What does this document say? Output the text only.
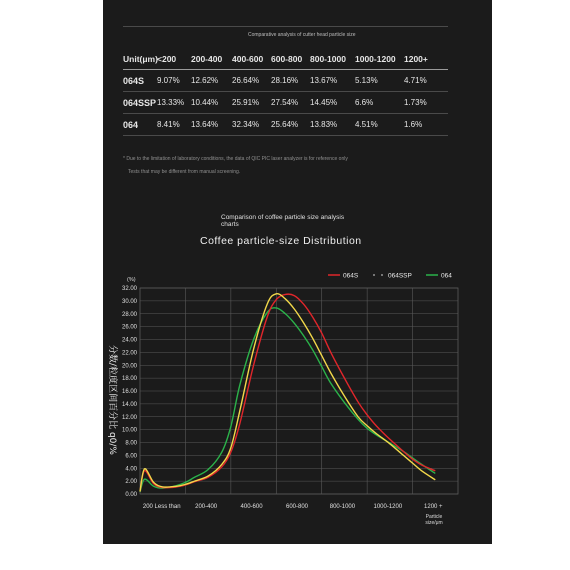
Comparative analysis of cutter head particle size
Unit(μm)	<200	200-400	400-600	600-800	800-1000	1000-1200	1200+
064S	9.07%	12.62%	26.64%	28.16%	13.67%	5.13%	4.71%
064SSP	13.33%	10.44%	25.91%	27.54%	14.45%	6.6%	1.73%
064	8.41%	13.64%	32.34%	25.64%	13.83%	4.51%	1.6%
* Due to the limitation of laboratory conditions, the data of QIC PIC laser analyzer is for reference only
Tests that may be different from manual screening.
Comparison of coffee particle size analysis charts
Coffee particle-size Distribution
32.00
30.00
28.00
26.00
24.00
22.00
20.00
18.00
16.00
14.00
12.00
10.00
8.00
6.00
4.00
2.00
0.00
200 Less than 200-400	400-600	600-800	800-1000	1000-1200	1200 +
064S	064SSP	064
(%)
分数/粒度区间百分比 q0/%
Particle
size/μm
